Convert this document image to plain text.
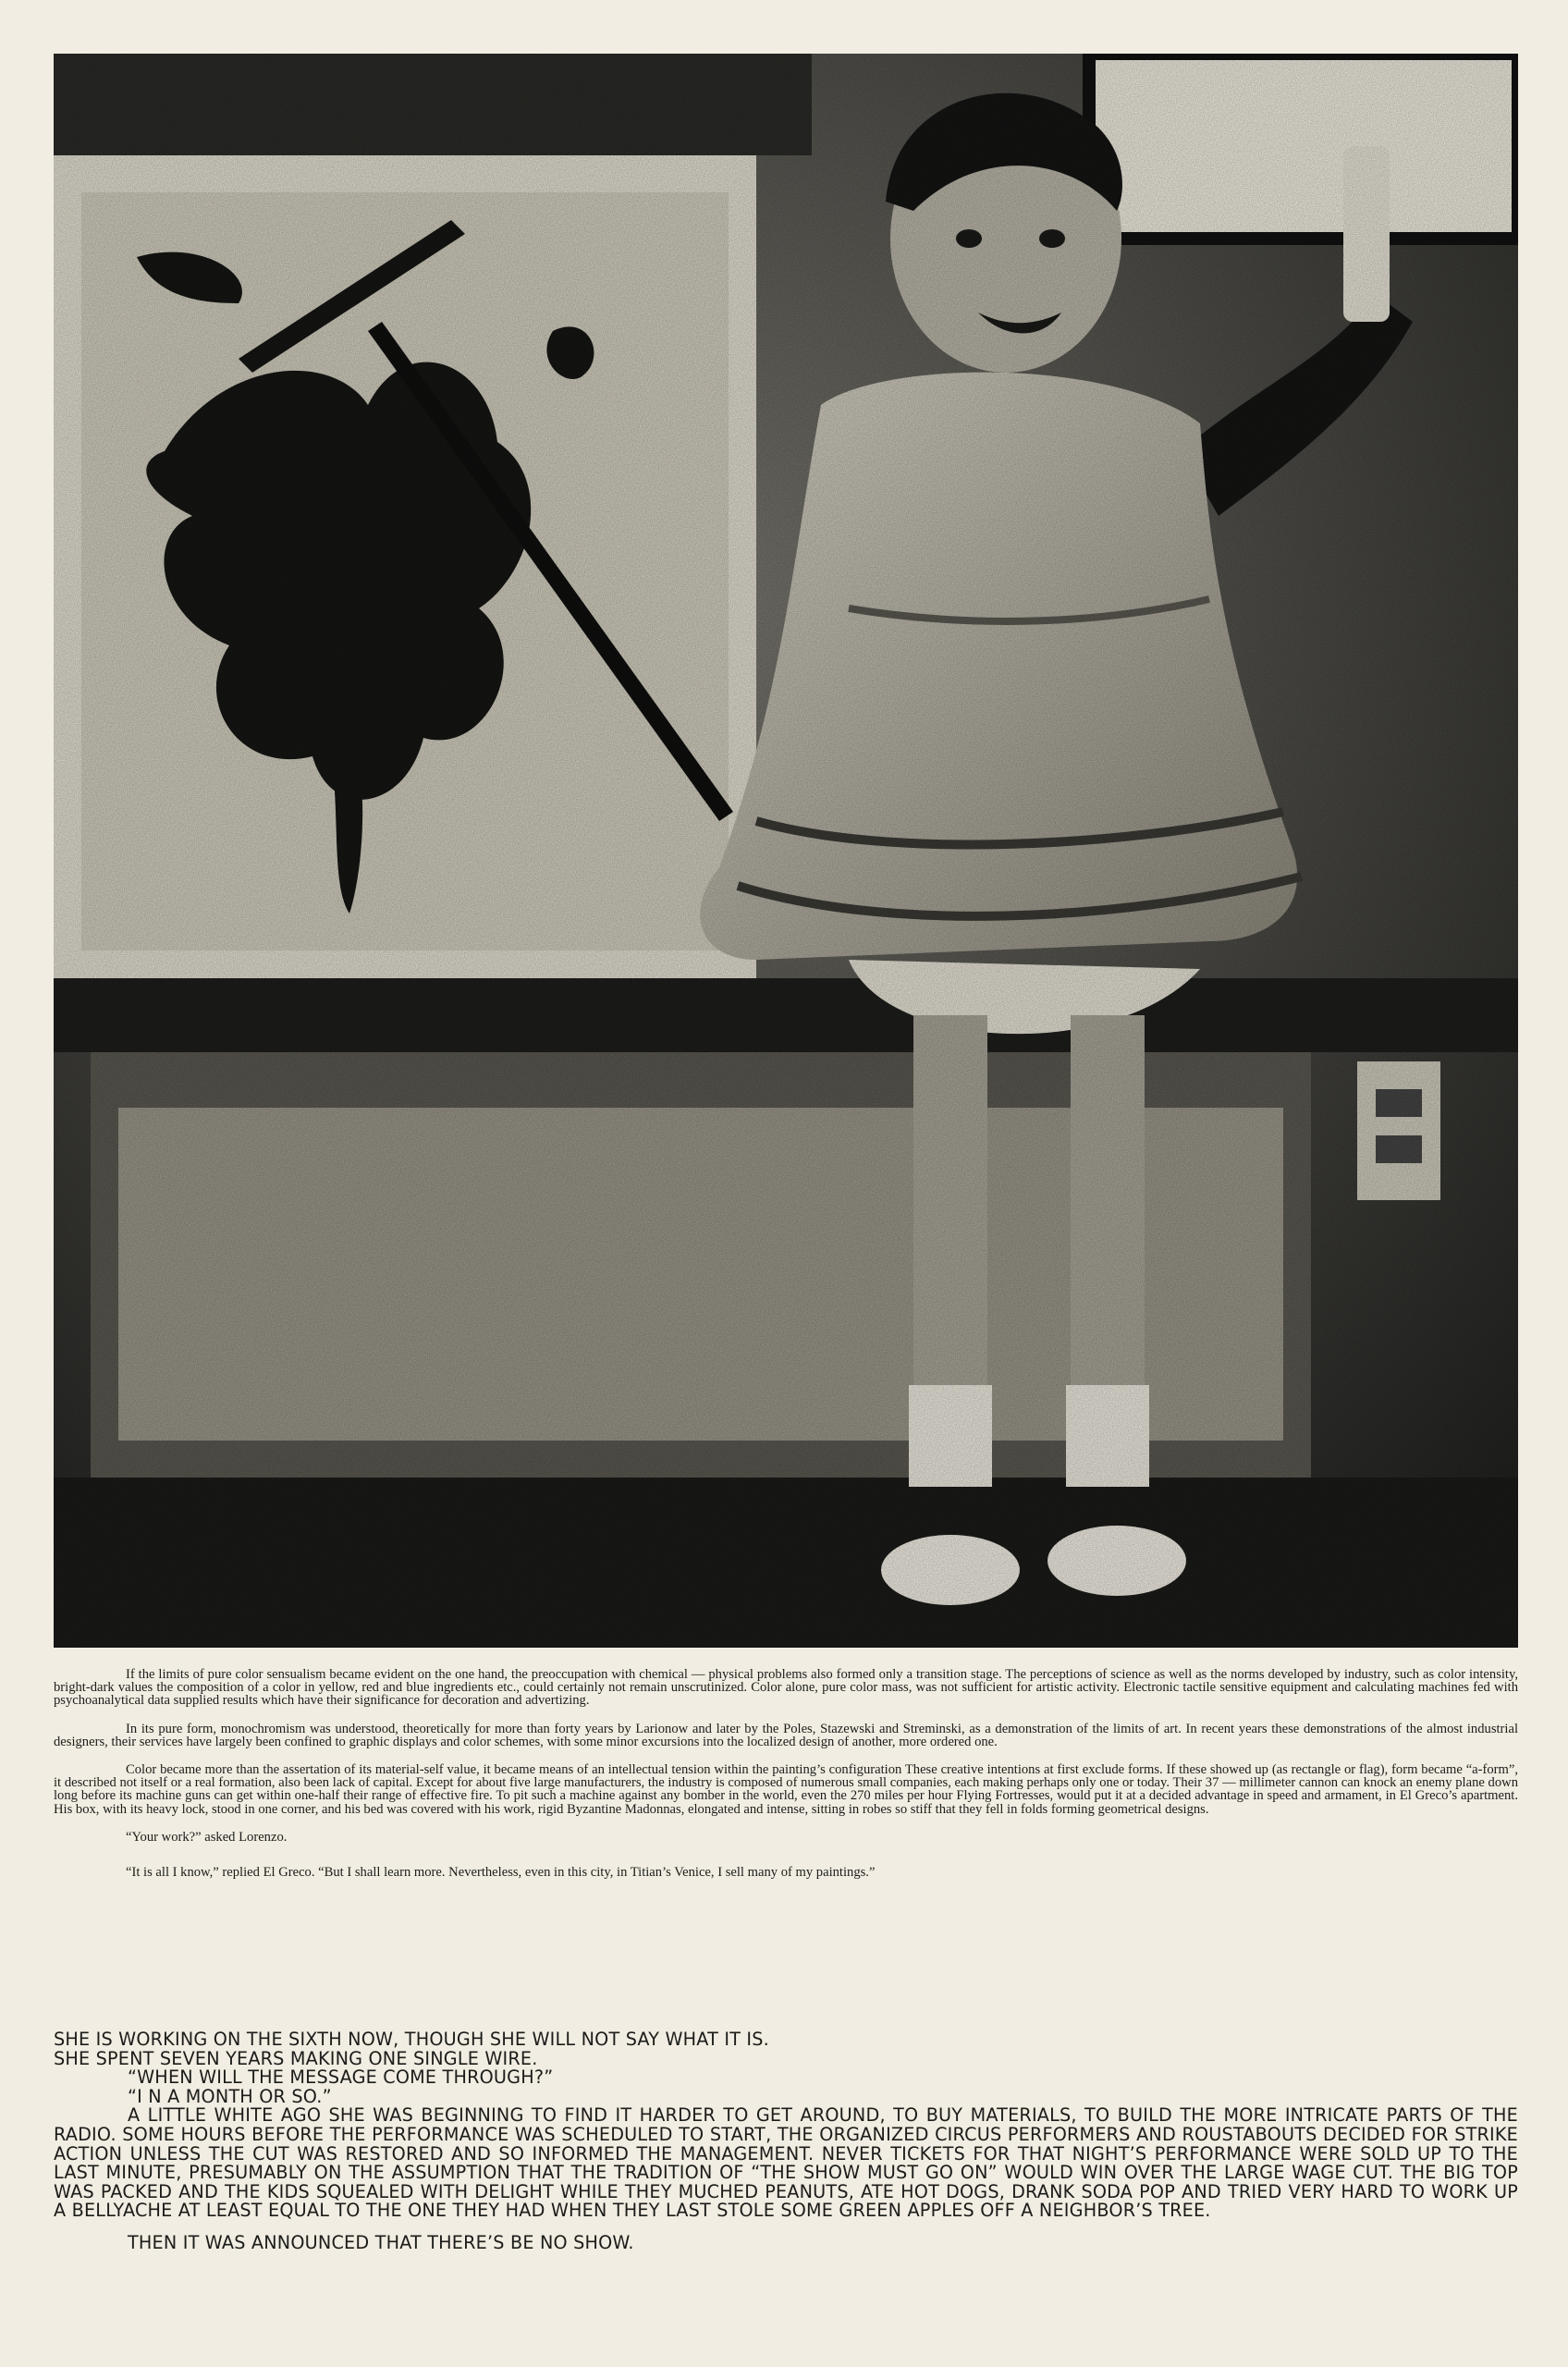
If the limits of pure color sensualism became evident on the one hand, the preoccupation with chemical — physical problems also formed only a transition stage. The perceptions of science as well as the norms developed by industry, such as color intensity, bright-dark values the composition of a color in yellow, red and blue ingredients etc., could certainly not remain unscrutinized. Color alone, pure color mass, was not sufficient for artistic activity. Electronic tactile sensitive equipment and calculating machines fed with psychoanalytical data supplied results which have their significance for decoration and advertizing.

In its pure form, monochromism was understood, theoretically for more than forty years by Larionow and later by the Poles, Stazewski and Streminski, as a demonstration of the limits of art. In recent years these demonstrations of the almost industrial designers, their services have largely been confined to graphic displays and color schemes, with some minor excursions into the localized design of another, more ordered one.

Color became more than the assertation of its material-self value, it became means of an intellectual tension within the painting’s configuration These creative intentions at first exclude forms. If these showed up (as rectangle or flag), form became “a-form”, it described not itself or a real formation, also been lack of capital. Except for about five large manufacturers, the industry is composed of numerous small companies, each making perhaps only one or today. Their 37 — millimeter cannon can knock an enemy plane down long before its machine guns can get within one-half their range of effective fire. To pit such a machine against any bomber in the world, even the 270 miles per hour Flying Fortresses, would put it at a decided advantage in speed and armament, in El Greco’s apartment. His box, with its heavy lock, stood in one corner, and his bed was covered with his work, rigid Byzantine Madonnas, elongated and intense, sitting in robes so stiff that they fell in folds forming geometrical designs.

“Your work?” asked Lorenzo.

“It is all I know,” replied El Greco. “But I shall learn more. Nevertheless, even in this city, in Titian’s Venice, I sell many of my paintings.”

SHE IS WORKING ON THE SIXTH NOW, THOUGH SHE WILL NOT SAY WHAT IT IS.
SHE SPENT SEVEN YEARS MAKING ONE SINGLE WIRE.
“WHEN WILL THE MESSAGE COME THROUGH?”
“I N A MONTH OR SO.”
A LITTLE WHITE AGO SHE WAS BEGINNING TO FIND IT HARDER TO GET AROUND, TO BUY MATERIALS, TO BUILD THE MORE INTRICATE PARTS OF THE RADIO. SOME HOURS BEFORE THE PERFORMANCE WAS SCHEDULED TO START, THE ORGANIZED CIRCUS PERFORMERS AND ROUSTABOUTS DECIDED FOR STRIKE ACTION UNLESS THE CUT WAS RESTORED AND SO INFORMED THE MANAGEMENT. NEVER TICKETS FOR THAT NIGHT’S PERFORMANCE WERE SOLD UP TO THE LAST MINUTE, PRESUMABLY ON THE ASSUMPTION THAT THE TRADITION OF “THE SHOW MUST GO ON” WOULD WIN OVER THE LARGE WAGE CUT. THE BIG TOP WAS PACKED AND THE KIDS SQUEALED WITH DELIGHT WHILE THEY MUCHED PEANUTS, ATE HOT DOGS, DRANK SODA POP AND TRIED VERY HARD TO WORK UP A BELLYACHE AT LEAST EQUAL TO THE ONE THEY HAD WHEN THEY LAST STOLE SOME GREEN APPLES OFF A NEIGHBOR’S TREE.
THEN IT WAS ANNOUNCED THAT THERE’S BE NO SHOW.
